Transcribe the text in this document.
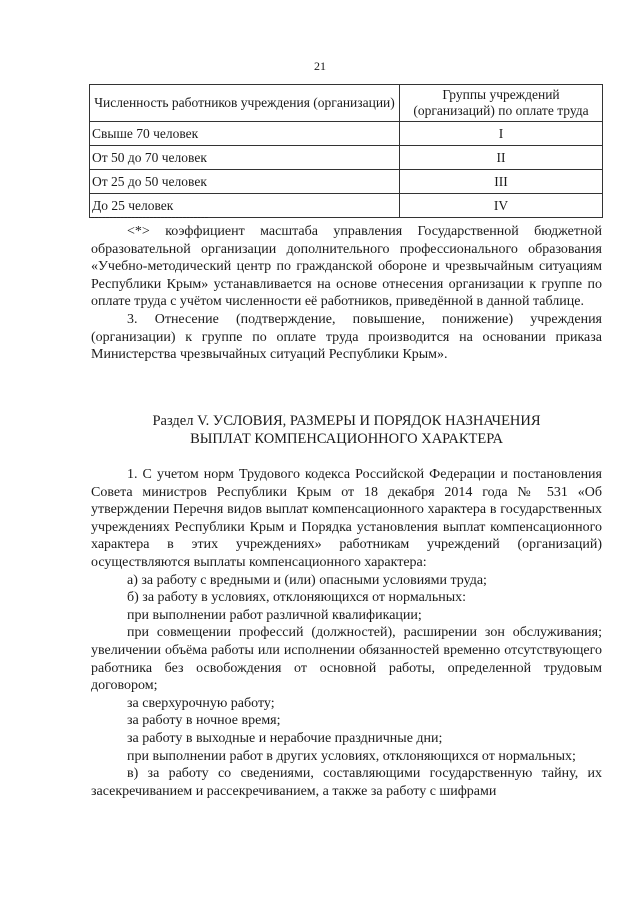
21
Численность работников учреждения (организации)	Группы учреждений (организаций) по оплате труда
Свыше 70 человек	I
От 50 до 70 человек	II
От 25 до 50 человек	III
До 25 человек	IV

--------------------------------

<*> коэффициент масштаба управления Государственной бюджетной образовательной организации дополнительного профессионального образования «Учебно-методический центр по гражданской обороне и чрезвычайным ситуациям Республики Крым» устанавливается на основе отнесения организации к группе по оплате труда с учётом численности её работников, приведённой в данной таблице.

3. Отнесение (подтверждение, повышение, понижение) учреждения (организации) к группе по оплате труда производится на основании приказа Министерства чрезвычайных ситуаций Республики Крым».

Раздел V. УСЛОВИЯ, РАЗМЕРЫ И ПОРЯДОК НАЗНАЧЕНИЯ

ВЫПЛАТ КОМПЕНСАЦИОННОГО ХАРАКТЕРА

1. С учетом норм Трудового кодекса Российской Федерации и постановления Совета министров Республики Крым от 18 декабря 2014 года № 531 «Об утверждении Перечня видов выплат компенсационного характера в государственных учреждениях Республики Крым и Порядка установления выплат компенсационного характера в этих учреждениях» работникам учреждений (организаций) осуществляются выплаты компенсационного характера:

а) за работу с вредными и (или) опасными условиями труда;

б) за работу в условиях, отклоняющихся от нормальных:

при выполнении работ различной квалификации;

при совмещении профессий (должностей), расширении зон обслуживания; увеличении объёма работы или исполнении обязанностей временно отсутствующего работника без освобождения от основной работы, определенной трудовым договором;

за сверхурочную работу;

за работу в ночное время;

за работу в выходные и нерабочие праздничные дни;

при выполнении работ в других условиях, отклоняющихся от нормальных;

в) за работу со сведениями, составляющими государственную тайну, их засекречиванием и рассекречиванием, а также за работу с шифрами
